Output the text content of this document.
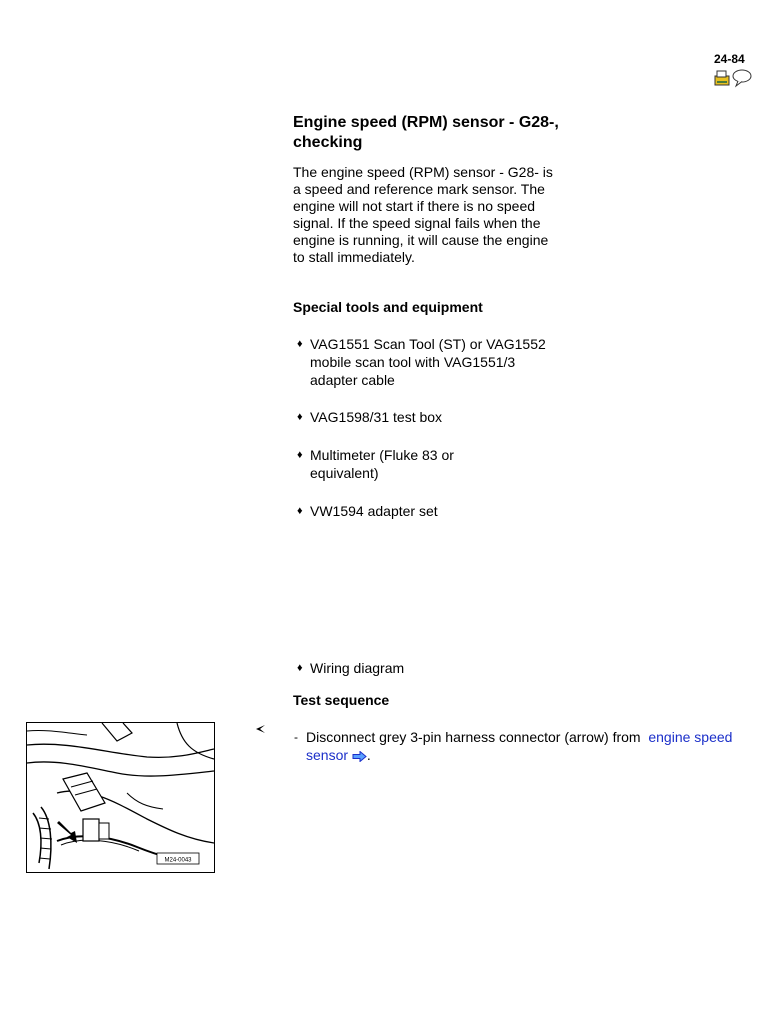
24-84
Engine speed (RPM) sensor - G28-, checking
The engine speed (RPM) sensor - G28- is a speed and reference mark sensor. The engine will not start if there is no speed signal. If the speed signal fails when the engine is running, it will cause the engine to stall immediately.
Special tools and equipment
♦ VAG1551 Scan Tool (ST) or VAG1552 mobile scan tool with VAG1551/3 adapter cable
♦ VAG1598/31 test box
♦ Multimeter (Fluke 83 or equivalent)
♦ VW1594 adapter set
♦ Wiring diagram
Test sequence
M24-0043
- Disconnect grey 3-pin harness connector (arrow) from engine speed sensor .
